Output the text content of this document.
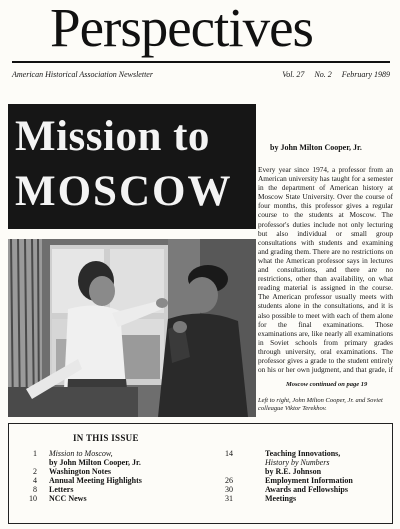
Perspectives
American Historical Association Newsletter	Vol. 27 No. 2 February 1989
Mission to
MOSCOW
by John Milton Cooper, Jr.
Every year since 1974, a professor from an American university has taught for a semester in the department of American history at Moscow State University. Over the course of four months, this professor gives a regular course to the students at Moscow. The professor's duties include not only lecturing but also individual or small group consultations with students and examining and grading them. There are no restrictions on what the American professor says in lectures and consultations, and there are no restrictions, other than availability, on what reading material is assigned in the course. The American professor usually meets with students alone in the consultations, and it is also possible to meet with each of them alone for the final examinations. Those examinations are, like nearly all examinations in Soviet schools from primary grades through university, oral examinations. The professor gives a grade to the student entirely on his or her own judgment, and that grade, if
Moscow continued on page 19
Left to right, John Milton Cooper, Jr. and Soviet colleague Viktor Terekhov.
IN THIS ISSUE
1 Mission to Moscow,
by John Milton Cooper, Jr.
2 Washington Notes
4 Annual Meeting Highlights
8 Letters
10 NCC News
14	Teaching Innovations,
History by Numbers
by R.E. Johnson
26	Employment Information
30	Awards and Fellowships
31	Meetings
